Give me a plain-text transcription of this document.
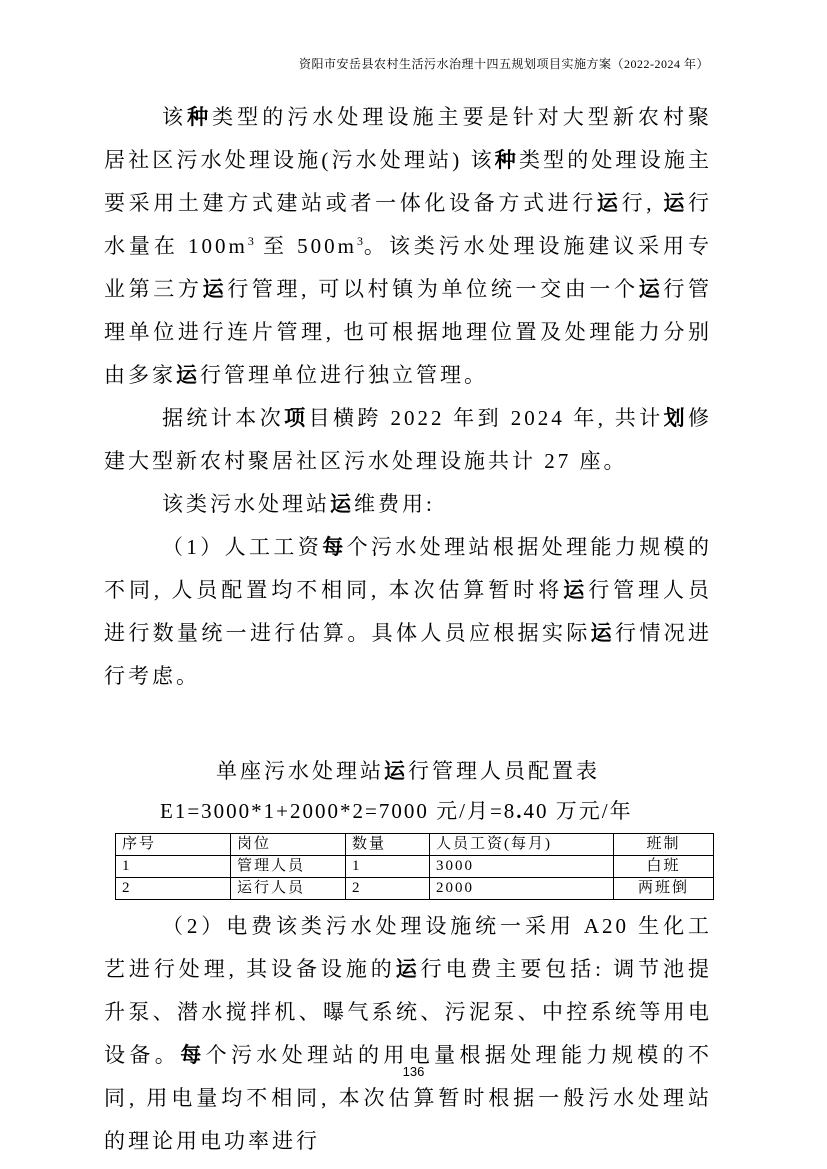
资阳市安岳县农村生活污水治理十四五规划项目实施方案（2022-2024 年）

该种类型的污水处理设施主要是针对大型新农村聚居社区污水处理设施(污水处理站) 该种类型的处理设施主要采用土建方式建站或者一体化设备方式进行运行, 运行水量在 $100m^3$ 至 $500m^3$。该类污水处理设施建议采用专业第三方运行管理, 可以村镇为单位统一交由一个运行管理单位进行连片管理, 也可根据地理位置及处理能力分别由多家运行管理单位进行独立管理。

据统计本次项目横跨 2022 年到 2024 年, 共计划修建大型新农村聚居社区污水处理设施共计 27 座。

该类污水处理站运维费用:

（1）人工工资每个污水处理站根据处理能力规模的不同, 人员配置均不相同, 本次估算暂时将运行管理人员进行数量统一进行估算。具体人员应根据实际运行情况进行考虑。

单座污水处理站运行管理人员配置表
E1=3000*1+2000*2=7000 元/月=8.40 万元/年
序号	岗位	数量	人员工资(每月)	班制
1	管理人员	1	3000	白班
2	运行人员	2	2000	两班倒

（2）电费该类污水处理设施统一采用 A20 生化工艺进行处理, 其设备设施的运行电费主要包括: 调节池提升泵、潜水搅拌机、曝气系统、污泥泵、中控系统等用电设备。每个污水处理站的用电量根据处理能力规模的不同, 用电量均不相同, 本次估算暂时根据一般污水处理站的理论用电功率进行

136
